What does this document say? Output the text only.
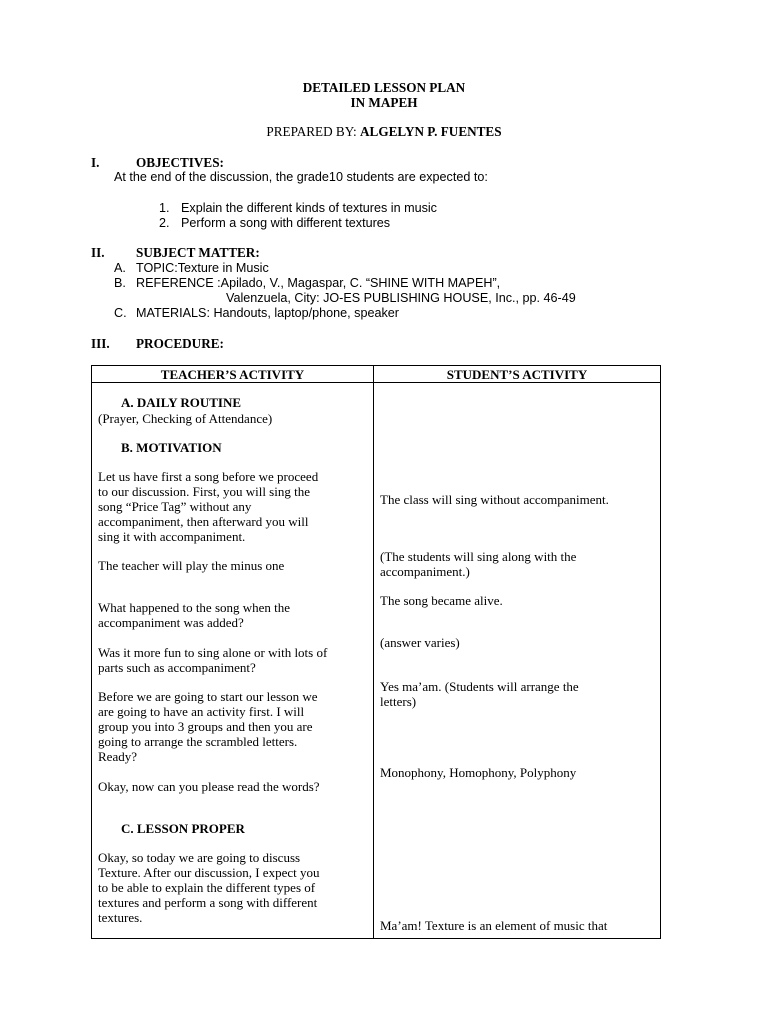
DETAILED LESSON PLAN
IN MAPEH
PREPARED BY: ALGELYN P. FUENTES
I.	OBJECTIVES:
At the end of the discussion, the grade10 students are expected to:
1. Explain the different kinds of textures in music
2. Perform a song with different textures
II. SUBJECT MATTER:
A. TOPIC:Texture in Music
B. REFERENCE :Apilado, V., Magaspar, C. “SHINE WITH MAPEH”,
Valenzuela, City: JO-ES PUBLISHING HOUSE, Inc., pp. 46-49
C. MATERIALS: Handouts, laptop/phone, speaker
III. PROCEDURE:
TEACHER’S ACTIVITY	STUDENT’S ACTIVITY
A. DAILY ROUTINE
(Prayer, Checking of Attendance)
B. MOTIVATION
Let us have first a song before we proceed
to our discussion. First, you will sing the
song “Price Tag” without any
accompaniment, then afterward you will
sing it with accompaniment.
The teacher will play the minus one
What happened to the song when the
accompaniment was added?
Was it more fun to sing alone or with lots of
parts such as accompaniment?
Before we are going to start our lesson we
are going to have an activity first. I will
group you into 3 groups and then you are
going to arrange the scrambled letters.
Ready?
Okay, now can you please read the words?
C. LESSON PROPER
Okay, so today we are going to discuss
Texture. After our discussion, I expect you
to be able to explain the different types of
textures and perform a song with different
textures.
The class will sing without accompaniment.
(The students will sing along with the
accompaniment.)
The song became alive.
(answer varies)
Yes ma’am. (Students will arrange the
letters)
Monophony, Homophony, Polyphony
Ma’am! Texture is an element of music that
